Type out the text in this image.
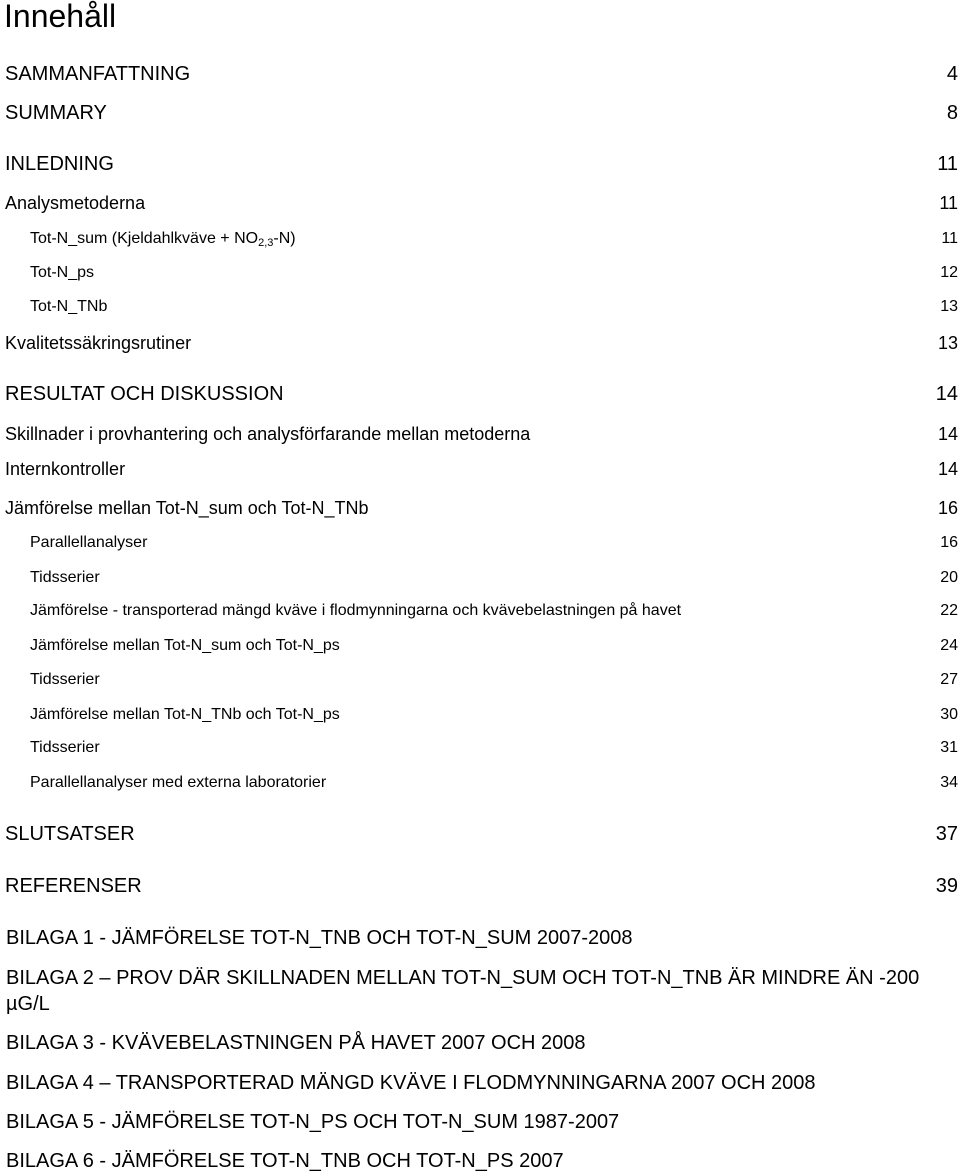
Innehåll
SAMMANFATTNING	4
SUMMARY	8
INLEDNING	11
Analysmetoderna	11
Tot-N_sum (Kjeldahlkväve + $NO_{2,3}-N$)	11
Tot-N_ps	12
Tot-N_TNb	13
Kvalitetssäkringsrutiner	13
RESULTAT OCH DISKUSSION	14
Skillnader i provhantering och analysförfarande mellan metoderna	14
Internkontroller	14
Jämförelse mellan Tot-N_sum och Tot-N_TNb	16
Parallellanalyser	16
Tidsserier	20
Jämförelse - transporterad mängd kväve i flodmynningarna och kvävebelastningen på havet	22
Jämförelse mellan Tot-N_sum och Tot-N_ps	24
Tidsserier	27
Jämförelse mellan Tot-N_TNb och Tot-N_ps	30
Tidsserier	31
Parallellanalyser med externa laboratorier	34
SLUTSATSER	37
REFERENSER	39
BILAGA 1 - JÄMFÖRELSE TOT-N_TNB OCH TOT-N_SUM 2007-2008
BILAGA 2 – PROV DÄR SKILLNADEN MELLAN TOT-N_SUM OCH TOT-N_TNB ÄR MINDRE ÄN -200 µG/L
BILAGA 3 - KVÄVEBELASTNINGEN PÅ HAVET 2007 OCH 2008
BILAGA 4 – TRANSPORTERAD MÄNGD KVÄVE I FLODMYNNINGARNA 2007 OCH 2008
BILAGA 5 - JÄMFÖRELSE TOT-N_PS OCH TOT-N_SUM 1987-2007
BILAGA 6 - JÄMFÖRELSE TOT-N_TNB OCH TOT-N_PS 2007
